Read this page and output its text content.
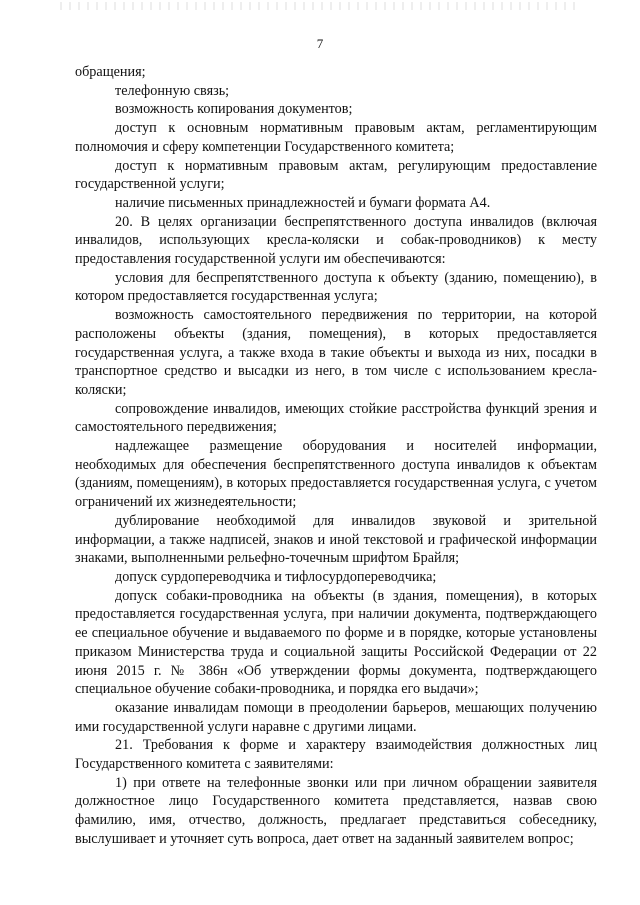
7

обращения;

телефонную связь;

возможность копирования документов;

доступ к основным нормативным правовым актам, регламентирующим полномочия и сферу компетенции Государственного комитета;

доступ к нормативным правовым актам, регулирующим предоставление государственной услуги;

наличие письменных принадлежностей и бумаги формата А4.

20. В целях организации беспрепятственного доступа инвалидов (включая инвалидов, использующих кресла-коляски и собак-проводников) к месту предоставления государственной услуги им обеспечиваются:

условия для беспрепятственного доступа к объекту (зданию, помещению), в котором предоставляется государственная услуга;

возможность самостоятельного передвижения по территории, на которой расположены объекты (здания, помещения), в которых предоставляется государственная услуга, а также входа в такие объекты и выхода из них, посадки в транспортное средство и высадки из него, в том числе с использованием кресла-коляски;

сопровождение инвалидов, имеющих стойкие расстройства функций зрения и самостоятельного передвижения;

надлежащее размещение оборудования и носителей информации, необходимых для обеспечения беспрепятственного доступа инвалидов к объектам (зданиям, помещениям), в которых предоставляется государственная услуга, с учетом ограничений их жизнедеятельности;

дублирование необходимой для инвалидов звуковой и зрительной информации, а также надписей, знаков и иной текстовой и графической информации знаками, выполненными рельефно-точечным шрифтом Брайля;

допуск сурдопереводчика и тифлосурдопереводчика;

допуск собаки-проводника на объекты (в здания, помещения), в которых предоставляется государственная услуга, при наличии документа, подтверждающего ее специальное обучение и выдаваемого по форме и в порядке, которые установлены приказом Министерства труда и социальной защиты Российской Федерации от 22 июня 2015 г. № 386н «Об утверждении формы документа, подтверждающего специальное обучение собаки-проводника, и порядка его выдачи»;

оказание инвалидам помощи в преодолении барьеров, мешающих получению ими государственной услуги наравне с другими лицами.

21. Требования к форме и характеру взаимодействия должностных лиц Государственного комитета с заявителями:

1) при ответе на телефонные звонки или при личном обращении заявителя должностное лицо Государственного комитета представляется, назвав свою фамилию, имя, отчество, должность, предлагает представиться собеседнику, выслушивает и уточняет суть вопроса, дает ответ на заданный заявителем вопрос;
